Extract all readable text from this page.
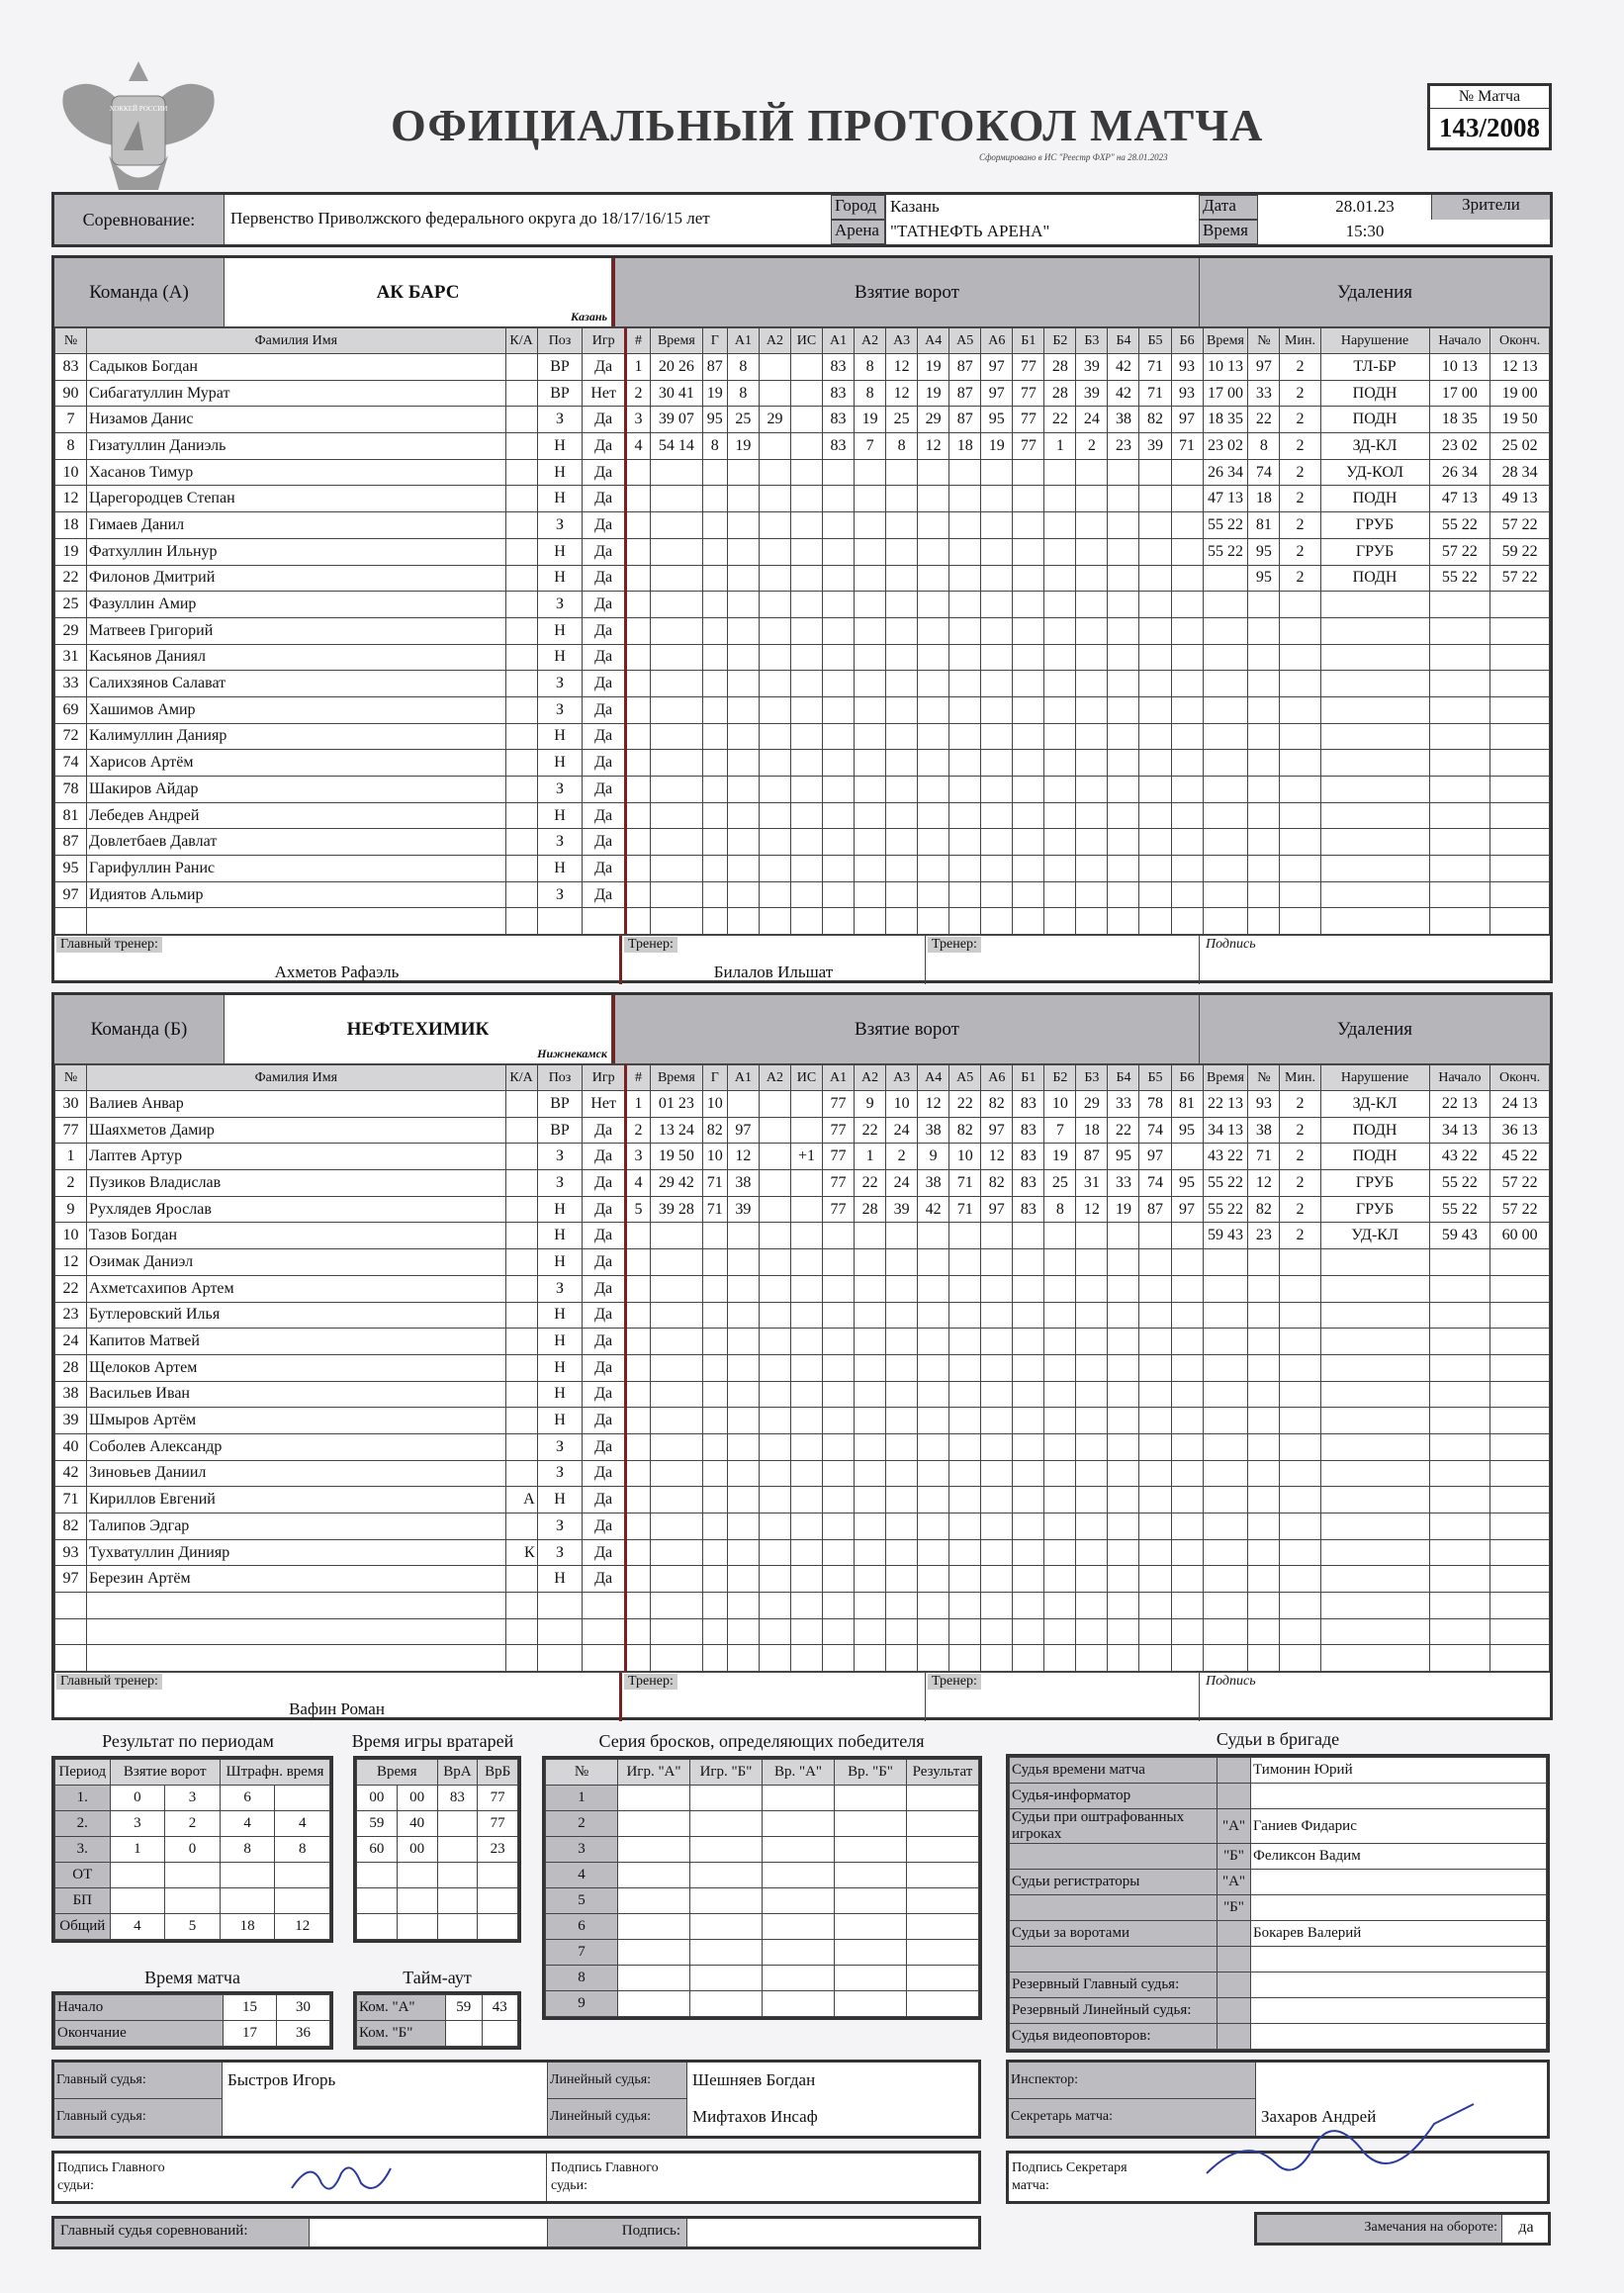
ХОККЕЙ РОССИИ	ОФИЦИАЛЬНЫЙ ПРОТОКОЛ МАТЧА
Сформировано в ИС "Реестр ФХР" на 28.01.2023
№ Матча
143/2008
Соревнование:	Первенство Приволжского федерального округа до 18/17/16/15 лет
Город Казань
Арена "ТАТНЕФТЬ АРЕНА"
Дата	28.01.23
Время	15:30
Зрители
Команда (А)	АК БАРС
Казань
Взятие ворот	Удаления
№	Фамилия Имя	К/А	Поз	Игр	#	Время	Г	А1	А2	ИС	А1	А2	А3	А4	А5	А6	Б1	Б2	Б3	Б4	Б5	Б6	Время	№	Мин.	Нарушение	Начало	Оконч.
83	Садыков Богдан		ВР	Да	1	20 26	87	8			83	8	12	19	87	97	77	28	39	42	71	93	10 13	97	2	ТЛ-БР	10 13	12 13
90	Сибагатуллин Мурат		ВР	Нет	2	30 41	19	8			83	8	12	19	87	97	77	28	39	42	71	93	17 00	33	2	ПОДН	17 00	19 00
7	Низамов Данис		З	Да	3	39 07	95	25	29		83	19	25	29	87	95	77	22	24	38	82	97	18 35	22	2	ПОДН	18 35	19 50
8	Гизатуллин Даниэль		Н	Да	4	54 14	8	19			83	7	8	12	18	19	77	1	2	23	39	71	23 02	8	2	ЗД-КЛ	23 02	25 02
10	Хасанов Тимур		Н	Да																			26 34	74	2	УД-КОЛ	26 34	28 34
12	Царегородцев Степан		Н	Да																			47 13	18	2	ПОДН	47 13	49 13
18	Гимаев Данил		З	Да																			55 22	81	2	ГРУБ	55 22	57 22
19	Фатхуллин Ильнур		Н	Да																			55 22	95	2	ГРУБ	57 22	59 22
22	Филонов Дмитрий		Н	Да																				95	2	ПОДН	55 22	57 22
25	Фазуллин Амир		З	Да																								
29	Матвеев Григорий		Н	Да																								
31	Касьянов Даниял		Н	Да																								
33	Салихзянов Салават		З	Да																								
69	Хашимов Амир		З	Да																								
72	Калимуллин Данияр		Н	Да																								
74	Харисов Артём		Н	Да																								
78	Шакиров Айдар		З	Да																								
81	Лебедев Андрей		Н	Да																								
87	Довлетбаев Давлат		З	Да																								
95	Гарифуллин Ранис		Н	Да																								
97	Идиятов Альмир		З	Да																								

Главный тренер:
Ахметов Рафаэль
Тренер:
Билалов Ильшат
Тренер:	Подпись
Команда (Б)	НЕФТЕХИМИК
Нижнекамск
Взятие ворот	Удаления
№	Фамилия Имя	К/А	Поз	Игр	#	Время	Г	А1	А2	ИС	А1	А2	А3	А4	А5	А6	Б1	Б2	Б3	Б4	Б5	Б6	Время	№	Мин.	Нарушение	Начало	Оконч.
30	Валиев Анвар		ВР	Нет	1	01 23	10				77	9	10	12	22	82	83	10	29	33	78	81	22 13	93	2	ЗД-КЛ	22 13	24 13
77	Шаяхметов Дамир		ВР	Да	2	13 24	82	97			77	22	24	38	82	97	83	7	18	22	74	95	34 13	38	2	ПОДН	34 13	36 13
1	Лаптев Артур		З	Да	3	19 50	10	12		+1	77	1	2	9	10	12	83	19	87	95	97		43 22	71	2	ПОДН	43 22	45 22
2	Пузиков Владислав		З	Да	4	29 42	71	38			77	22	24	38	71	82	83	25	31	33	74	95	55 22	12	2	ГРУБ	55 22	57 22
9	Рухлядев Ярослав		Н	Да	5	39 28	71	39			77	28	39	42	71	97	83	8	12	19	87	97	55 22	82	2	ГРУБ	55 22	57 22
10	Тазов Богдан		Н	Да																			59 43	23	2	УД-КЛ	59 43	60 00
12	Озимак Даниэл		Н	Да																								
22	Ахметсахипов Артем		З	Да																								
23	Бутлеровский Илья		Н	Да																								
24	Капитов Матвей		Н	Да																								
28	Щелоков Артем		Н	Да																								
38	Васильев Иван		Н	Да																								
39	Шмыров Артём		Н	Да																								
40	Соболев Александр		З	Да																								
42	Зиновьев Даниил		З	Да																								
71	Кириллов Евгений	А	Н	Да																								
82	Талипов Эдгар		З	Да																								
93	Тухватуллин Динияр	К	З	Да																								
97	Березин Артём		Н	Да																								

Главный тренер:
Вафин Роман
Тренер:	Тренер:	Подпись
Результат по периодам
Период	Взятие ворот		Штрафн. время	
1.	0	3	6	
2.	3	2	4	4
3.	1	0	8	8
ОТ				
БП				
Общий	4	5	18	12
Время игры вратарей
Время		ВрА	ВрБ
00	00	83	77
59	40		77
60	00		23

Серия бросков, определяющих победителя
№	Игр. "А"	Игр. "Б"	Вр. "А"	Вр. "Б"	Результат
1					
2					
3					
4					
5					
6					
7					
8					
9					
Время матча
Начало	15	30
Окончание	17	36
Тайм-аут
Ком. "А"	59	43
Ком. "Б"		
Судьи в бригаде
Судья времени матча		Тимонин Юрий
Судья-информатор		
Судьи при оштрафованных игроках	"А"	Ганиев Фидарис
	"Б"	Феликсон Вадим
Судьи регистраторы	"А"	
	"Б"	
Судьи за воротами		Бокарев Валерий

Резервный Главный судья:		
Резервный Линейный судья:		
Судья видеоповторов:		
Главный судья:	Быстров Игорь
Главный судья:
Линейный судья:	Шешняев Богдан
Линейный судья:	Мифтахов Инсаф
Инспектор:
Секретарь матча:	Захаров Андрей
Подпись Главного судьи:
Подпись Главного судьи:
Подпись Секретаря матча:
Главный судья соревнований:	Подпись:	Замечания на обороте:	да
